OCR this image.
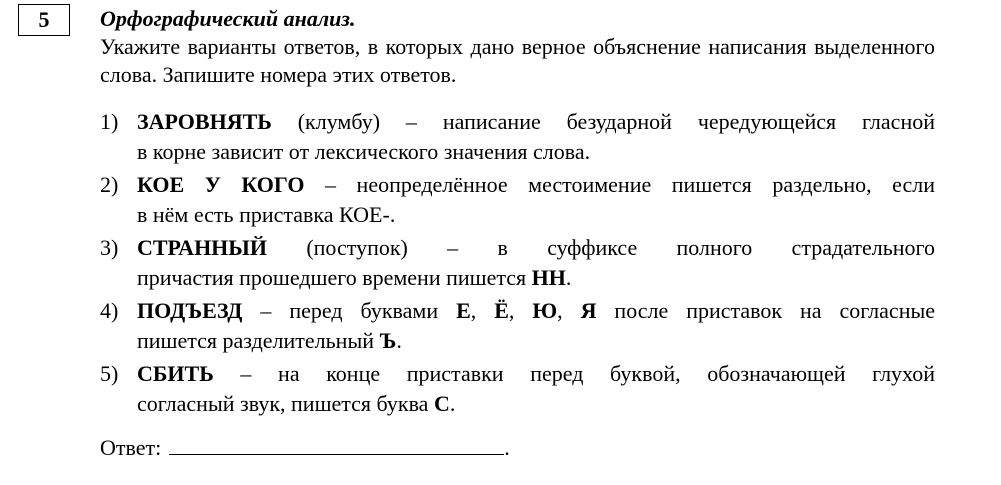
5 Орфографический анализ.

Укажите варианты ответов, в которых дано верное объяснение написания выделенного слова. Запишите номера этих ответов.

1) ЗАРОВНЯТЬ (клумбу) – написание безударной чередующейся гласной
в корне зависит от лексического значения слова.
2) КОЕ У КОГО – неопределённое местоимение пишется раздельно, если
в нём есть приставка КОЕ-.
3) СТРАННЫЙ (поступок) – в суффиксе полного страдательного
причастия прошедшего времени пишется НН.
4) ПОДЪЕЗД – перед буквами Е, Ё, Ю, Я после приставок на согласные
пишется разделительный Ъ.
5) СБИТЬ – на конце приставки перед буквой, обозначающей глухой
согласный звук, пишется буква С.
Ответ:	.
